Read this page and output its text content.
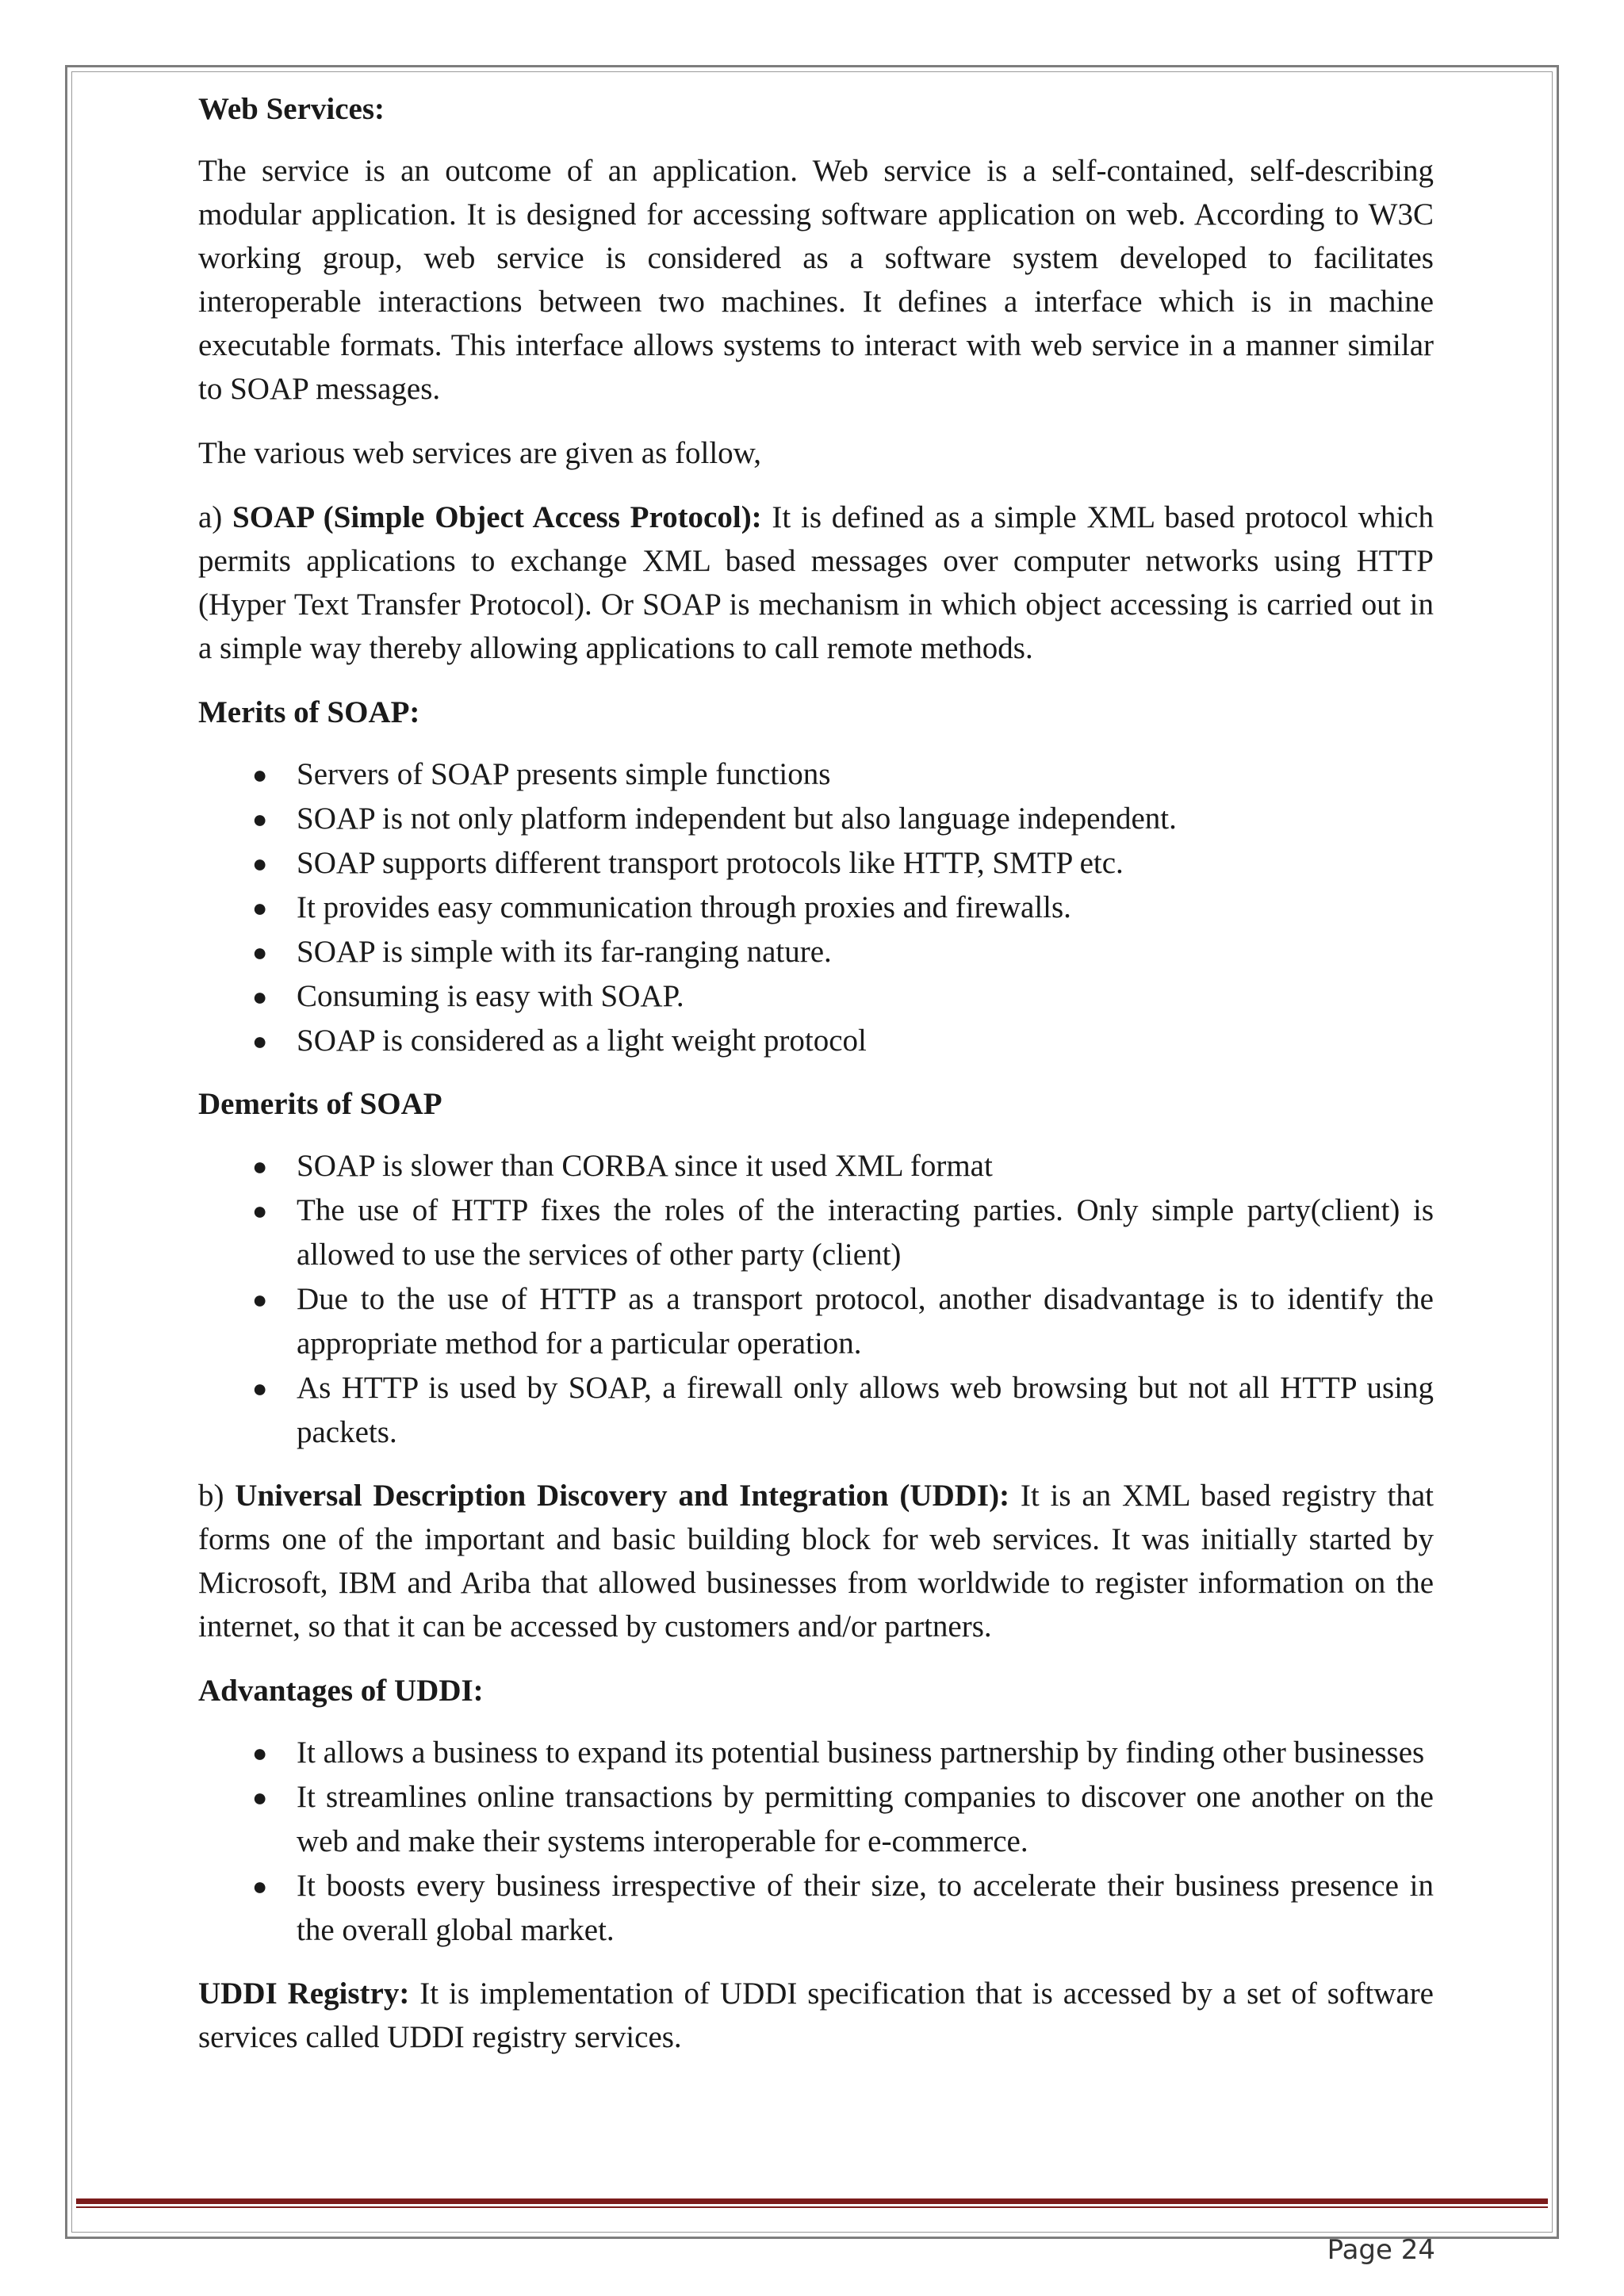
Web Services:

The service is an outcome of an application. Web service is a self-contained, self-describing modular application. It is designed for accessing software application on web. According to W3C working group, web service is considered as a software system developed to facilitates interoperable interactions between two machines. It defines a interface which is in machine executable formats. This interface allows systems to interact with web service in a manner similar to SOAP messages.

The various web services are given as follow,

a) SOAP (Simple Object Access Protocol): It is defined as a simple XML based protocol which permits applications to exchange XML based messages over computer networks using HTTP (Hyper Text Transfer Protocol). Or SOAP is mechanism in which object accessing is carried out in a simple way thereby allowing applications to call remote methods.

Merits of SOAP:
● Servers of SOAP presents simple functions
● SOAP is not only platform independent but also language independent.
● SOAP supports different transport protocols like HTTP, SMTP etc.
● It provides easy communication through proxies and firewalls.
● SOAP is simple with its far-ranging nature.
● Consuming is easy with SOAP.
● SOAP is considered as a light weight protocol
Demerits of SOAP
● SOAP is slower than CORBA since it used XML format
● The use of HTTP fixes the roles of the interacting parties. Only simple party(client) is allowed to use the services of other party (client)
● Due to the use of HTTP as a transport protocol, another disadvantage is to identify the appropriate method for a particular operation.
● As HTTP is used by SOAP, a firewall only allows web browsing but not all HTTP using packets.

b) Universal Description Discovery and Integration (UDDI): It is an XML based registry that forms one of the important and basic building block for web services. It was initially started by Microsoft, IBM and Ariba that allowed businesses from worldwide to register information on the internet, so that it can be accessed by customers and/or partners.

Advantages of UDDI:
● It allows a business to expand its potential business partnership by finding other businesses
● It streamlines online transactions by permitting companies to discover one another on the web and make their systems interoperable for e-commerce.
● It boosts every business irrespective of their size, to accelerate their business presence in the overall global market.

UDDI Registry: It is implementation of UDDI specification that is accessed by a set of software services called UDDI registry services.

Page 24
